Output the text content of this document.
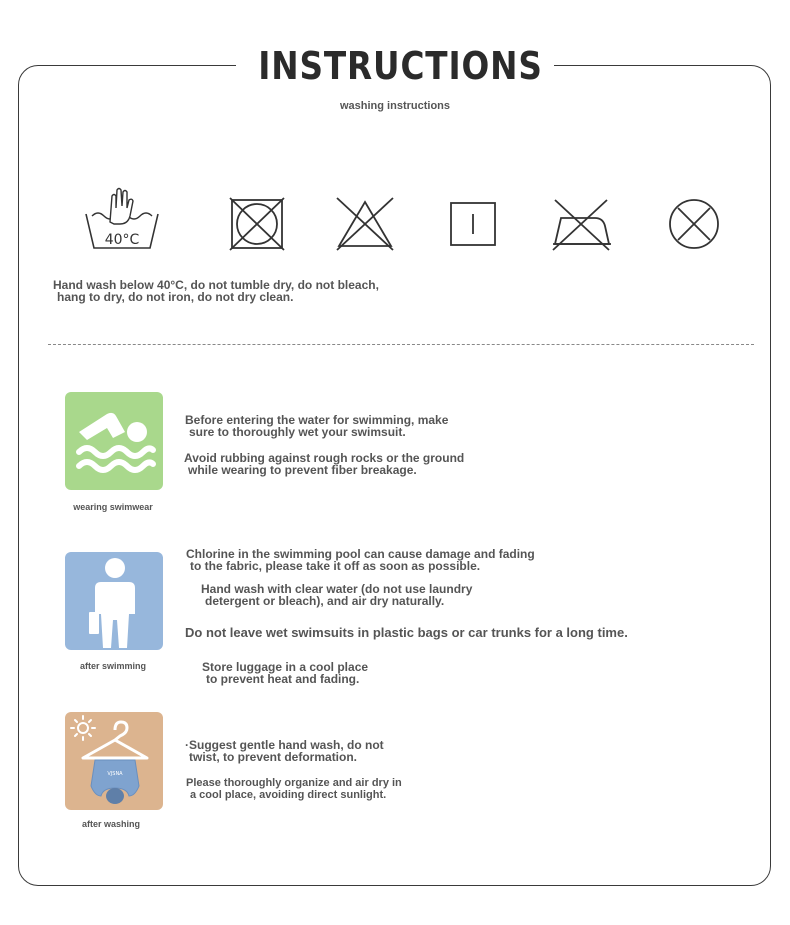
INSTRUCTIONS
washing instructions
40°C
Hand wash below 40°C, do not tumble dry, do not bleach,
hang to dry, do not iron, do not dry clean.
wearing swimwear
Before entering the water for swimming, make
sure to thoroughly wet your swimsuit.
Avoid rubbing against rough rocks or the ground
while wearing to prevent fiber breakage.
after swimming
Chlorine in the swimming pool can cause damage and fading
to the fabric, please take it off as soon as possible.
Hand wash with clear water (do not use laundry
detergent or bleach), and air dry naturally.
Do not leave wet swimsuits in plastic bags or car trunks for a long time.
Store luggage in a cool place
to prevent heat and fading.
VJSNA
after washing
·Suggest gentle hand wash, do not
twist, to prevent deformation.
Please thoroughly organize and air dry in
a cool place, avoiding direct sunlight.
